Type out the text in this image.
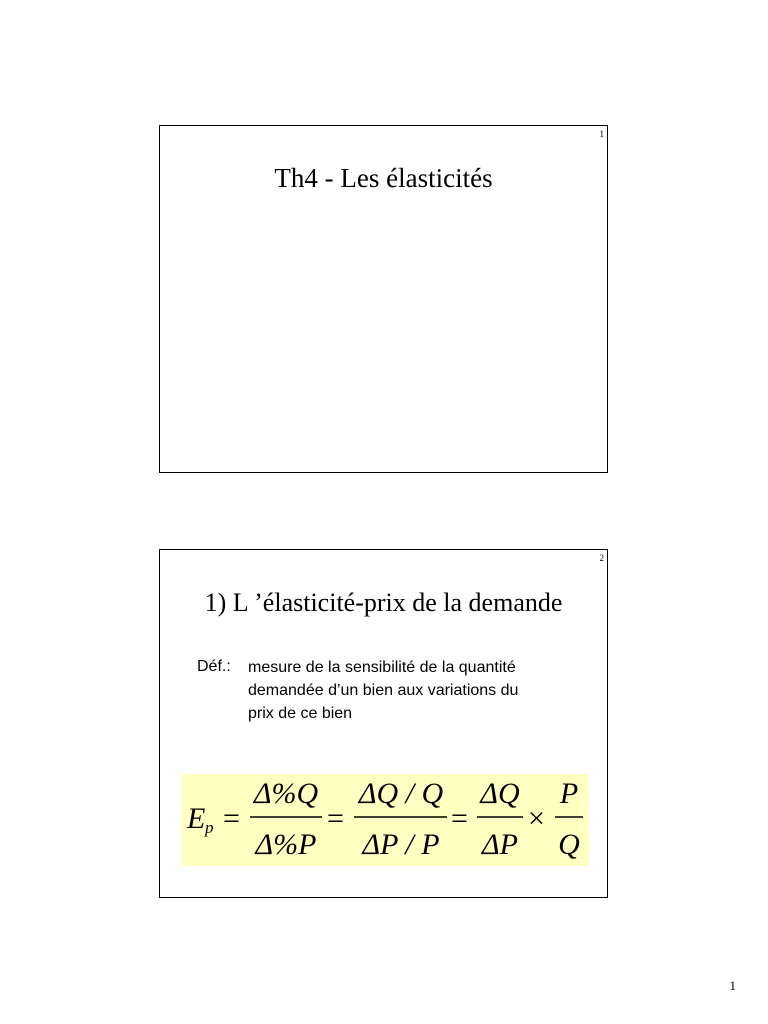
1
Th4 - Les élasticités
2
1) L ’élasticité-prix de la demande
Déf.: mesure de la sensibilité de la quantité
demandée d’un bien aux variations du
prix de ce bien
E p =
Δ%Q
Δ%P
=
ΔQ / Q
ΔP / P
=
ΔQ
ΔP
×
P
Q
1
